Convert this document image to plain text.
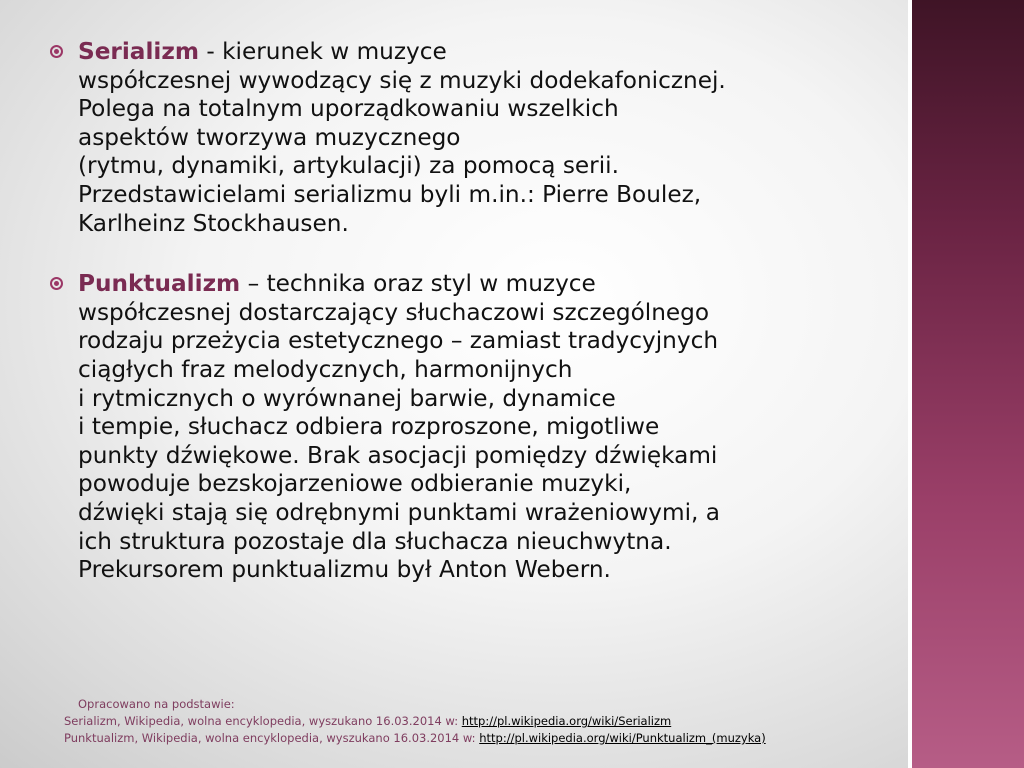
Serializm - kierunek w muzyce
współczesnej wywodzący się z muzyki dodekafonicznej.
Polega na totalnym uporządkowaniu wszelkich
aspektów tworzywa muzycznego
(rytmu, dynamiki, artykulacji) za pomocą serii.
Przedstawicielami serializmu byli m.in.: Pierre Boulez,
Karlheinz Stockhausen.
Punktualizm – technika oraz styl w muzyce
współczesnej dostarczający słuchaczowi szczególnego
rodzaju przeżycia estetycznego – zamiast tradycyjnych
ciągłych fraz melodycznych, harmonijnych
i rytmicznych o wyrównanej barwie, dynamice
i tempie, słuchacz odbiera rozproszone, migotliwe
punkty dźwiękowe. Brak asocjacji pomiędzy dźwiękami
powoduje bezskojarzeniowe odbieranie muzyki,
dźwięki stają się odrębnymi punktami wrażeniowymi, a
ich struktura pozostaje dla słuchacza nieuchwytna.
Prekursorem punktualizmu był Anton Webern.
Opracowano na podstawie:
Serializm, Wikipedia, wolna encyklopedia, wyszukano 16.03.2014 w: http://pl.wikipedia.org/wiki/Serializm
Punktualizm, Wikipedia, wolna encyklopedia, wyszukano 16.03.2014 w: http://pl.wikipedia.org/wiki/Punktualizm_(muzyka)
